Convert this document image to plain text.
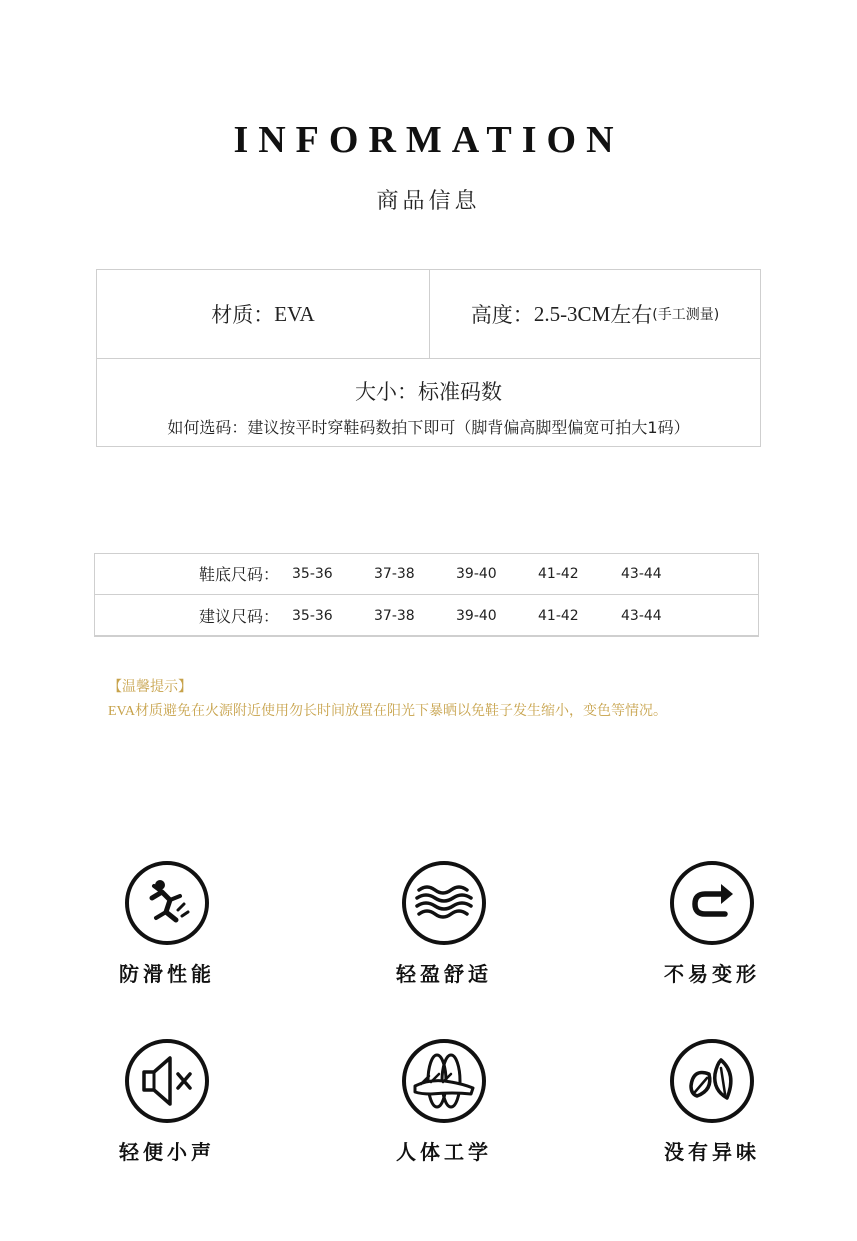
INFORMATION
商品信息
材质： EVA	高度： 2.5-3CM 左右 (手工测量)
大小：标准码数
如何选码：建议按平时穿鞋码数拍下即可（脚背偏高脚型偏宽可拍大1码）
鞋底尺码： 35-36	37-38	39-40	41-42	43-44
建议尺码： 35-36	37-38	39-40	41-42	43-44
【温馨提示】
EVA材质避免在火源附近使用勿长时间放置在阳光下暴晒以免鞋子发生缩小，变色等情况。
防滑性能	轻盈舒适	不易变形
轻便小声	人体工学	没有异味
